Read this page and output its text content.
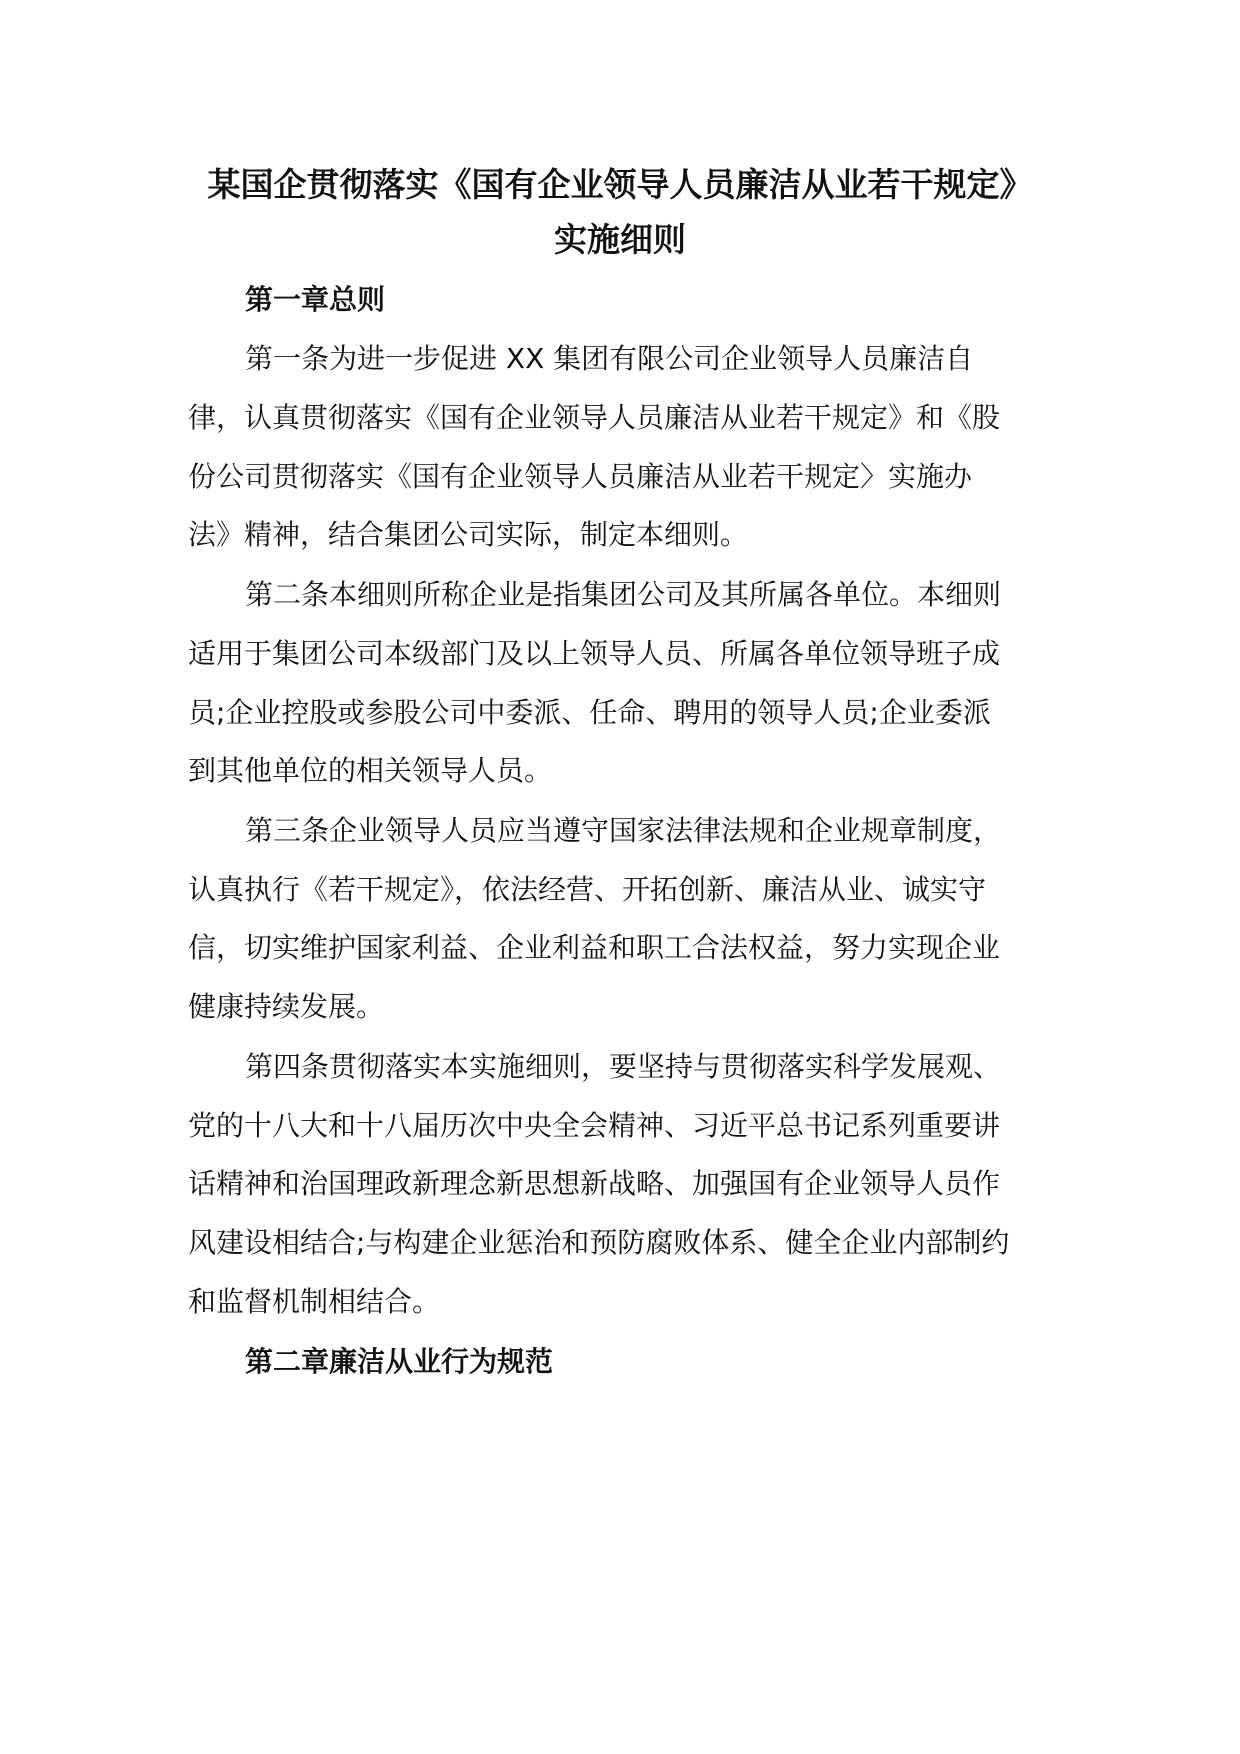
某国企贯彻落实《国有企业领导人员廉洁从业若干规定》
实施细则
第一章总则

第一条为进一步促进 XX 集团有限公司企业领导人员廉洁自

律，认真贯彻落实《国有企业领导人员廉洁从业若干规定》和《股

份公司贯彻落实《国有企业领导人员廉洁从业若干规定〉实施办

法》精神，结合集团公司实际，制定本细则。

第二条本细则所称企业是指集团公司及其所属各单位。本细则

适用于集团公司本级部门及以上领导人员、所属各单位领导班子成

员;企业控股或参股公司中委派、任命、聘用的领导人员;企业委派

到其他单位的相关领导人员。

第三条企业领导人员应当遵守国家法律法规和企业规章制度，

认真执行《若干规定》，依法经营、开拓创新、廉洁从业、诚实守

信，切实维护国家利益、企业利益和职工合法权益，努力实现企业

健康持续发展。

第四条贯彻落实本实施细则，要坚持与贯彻落实科学发展观、

党的十八大和十八届历次中央全会精神、习近平总书记系列重要讲

话精神和治国理政新理念新思想新战略、加强国有企业领导人员作

风建设相结合;与构建企业惩治和预防腐败体系、健全企业内部制约

和监督机制相结合。

第二章廉洁从业行为规范
